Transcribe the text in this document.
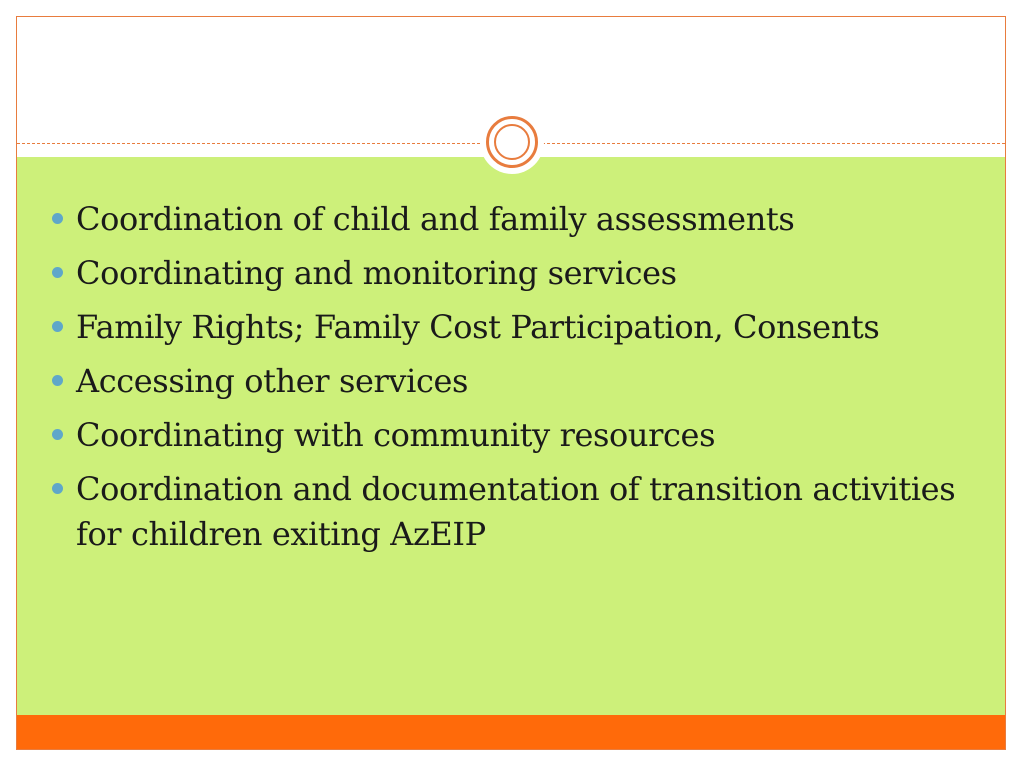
Coordination of child and family assessments
Coordinating and monitoring services
Family Rights; Family Cost Participation, Consents
Accessing other services
Coordinating with community resources
Coordination and documentation of transition activities for children exiting AzEIP
